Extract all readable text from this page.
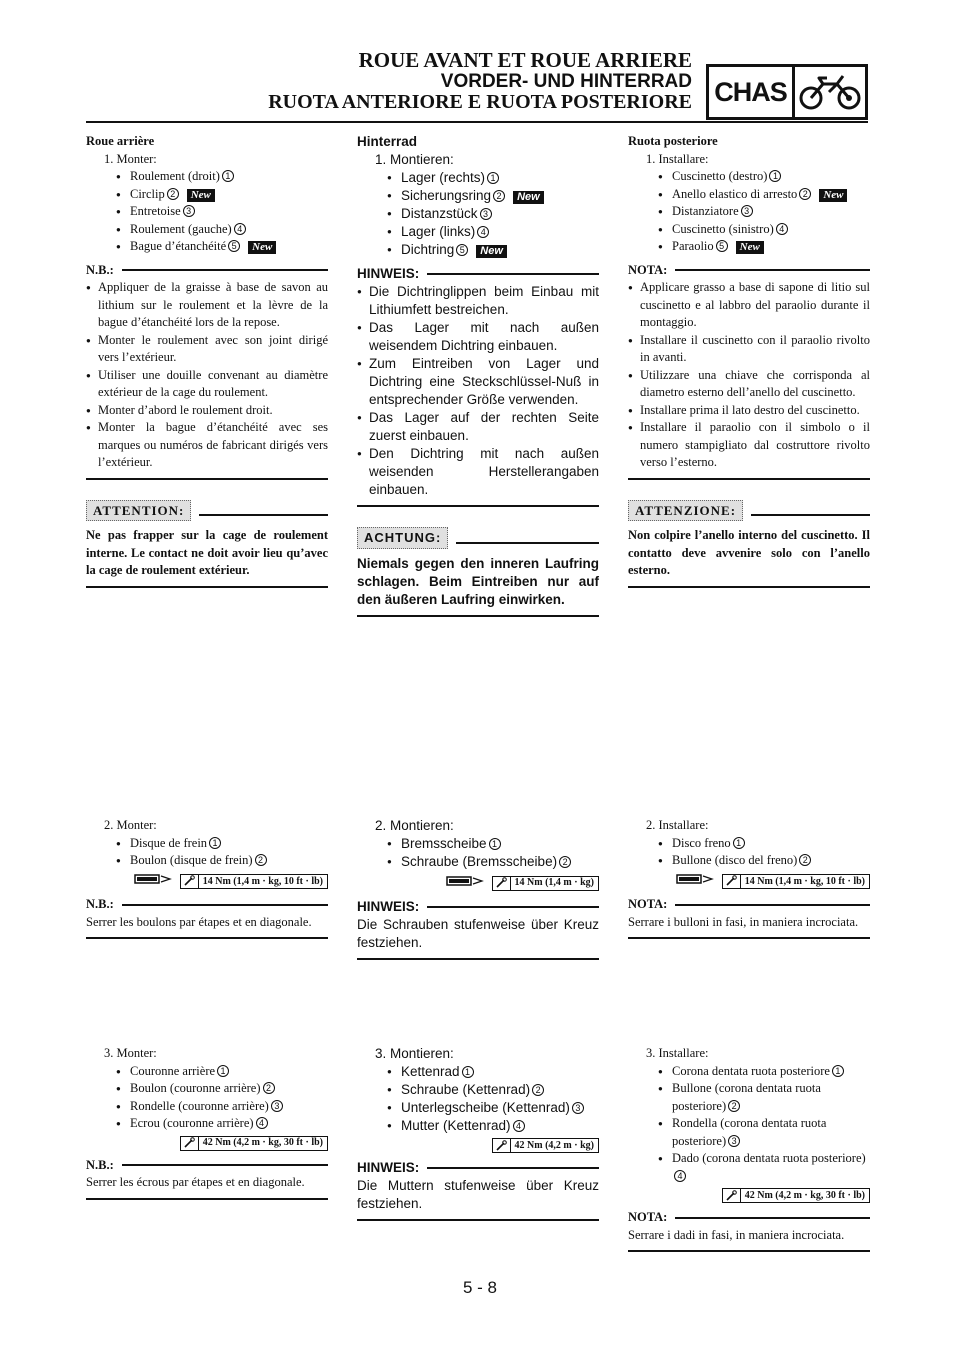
ROUE AVANT ET ROUE ARRIERE
VORDER- UND HINTERRAD
RUOTA ANTERIORE E RUOTA POSTERIORE CHAS
Roue arrière
1. Monter:
● Roulement (droit) 1
● Circlip 2 New
● Entretoise 3
● Roulement (gauche) 4
● Bague d’étanchéité 5 New
N.B.:
● Appliquer de la graisse à base de savon au lithium sur le roulement et la lèvre de la bague d’étanchéité lors de la repose.
● Monter le roulement avec son joint dirigé vers l’extérieur.
● Utiliser une douille convenant au diamètre extérieur de la cage du roulement.
● Monter d’abord le roulement droit.
● Monter la bague d’étanchéité avec ses marques ou numéros de fabricant dirigés vers l’extérieur.
ATTENTION:
Ne pas frapper sur la cage de roulement interne. Le contact ne doit avoir lieu qu’avec la cage de roulement extérieur.
2. Monter:
● Disque de frein 1
● Boulon (disque de frein) 2
14 Nm (1,4 m · kg, 10 ft · lb)
N.B.:
Serrer les boulons par étapes et en diagonale.
3. Monter:
● Couronne arrière 1
● Boulon (couronne arrière) 2
● Rondelle (couronne arrière) 3
● Ecrou (couronne arrière) 4
42 Nm (4,2 m · kg, 30 ft · lb)
N.B.:
Serrer les écrous par étapes et en diagonale.
Hinterrad
1. Montieren:
● Lager (rechts) 1
● Sicherungsring 2 New
● Distanzstück 3
● Lager (links) 4
● Dichtring 5 New
HINWEIS:
● Die Dichtringlippen beim Einbau mit Lithiumfett bestreichen.
● Das Lager mit nach außen weisendem Dichtring einbauen.
● Zum Eintreiben von Lager und Dichtring eine Steckschlüssel-Nuß in entsprechender Größe verwenden.
● Das Lager auf der rechten Seite zuerst einbauen.
● Den Dichtring mit nach außen weisenden Herstellerangaben einbauen.
ACHTUNG:
Niemals gegen den inneren Laufring schlagen. Beim Eintreiben nur auf den äußeren Laufring einwirken.
2. Montieren:
● Bremsscheibe 1
● Schraube (Bremsscheibe) 2
14 Nm (1,4 m · kg)
HINWEIS:
Die Schrauben stufenweise über Kreuz festziehen.
3. Montieren:
● Kettenrad 1
● Schraube (Kettenrad) 2
● Unterlegscheibe (Kettenrad) 3
● Mutter (Kettenrad) 4
42 Nm (4,2 m · kg)
HINWEIS:
Die Muttern stufenweise über Kreuz festziehen.
Ruota posteriore
1. Installare:
● Cuscinetto (destro) 1
● Anello elastico di arresto 2 New
● Distanziatore 3
● Cuscinetto (sinistro) 4
● Paraolio 5 New
NOTA:
● Applicare grasso a base di sapone di litio sul cuscinetto e al labbro del paraolio durante il montaggio.
● Installare il cuscinetto con il paraolio rivolto in avanti.
● Utilizzare una chiave che corrisponda al diametro esterno dell’anello del cuscinetto.
● Installare prima il lato destro del cuscinetto.
● Installare il paraolio con il simbolo o il numero stampigliato dal costruttore rivolto verso l’esterno.
ATTENZIONE:
Non colpire l’anello interno del cuscinetto. Il contatto deve avvenire solo con l’anello esterno.
2. Installare:
● Disco freno 1
● Bullone (disco del freno) 2
14 Nm (1,4 m · kg, 10 ft · lb)
NOTA:
Serrare i bulloni in fasi, in maniera incrociata.
3. Installare:
● Corona dentata ruota posteriore 1
● Bullone (corona dentata ruota posteriore) 2
● Rondella (corona dentata ruota posteriore) 3
● Dado (corona dentata ruota posteriore)4
42 Nm (4,2 m · kg, 30 ft · lb)
NOTA:
Serrare i dadi in fasi, in maniera incrociata.
5 - 8
